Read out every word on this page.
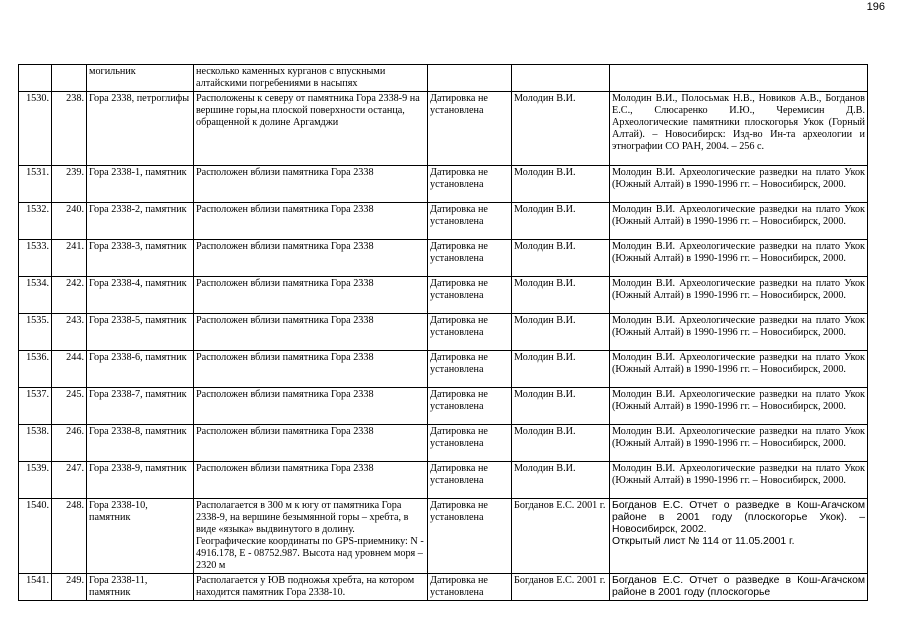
196
		могильник	несколько каменных курганов с впускными алтайскими погребениями в насыпях			

1530.	238.	Гора 2338, петроглифы	Расположены к северу от памятника Гора 2338-9 на вершине горы,на плоской поверхности останца, обращенной к долине Аргамджи	Датировка не установлена	Молодин В.И.	Молодин В.И., Полосьмак Н.В., Новиков А.В., Богданов Е.С., Слюсаренко И.Ю., Черемисин Д.В. Археологические памятники плоскогорья Укок (Горный Алтай). – Новосибирск: Изд-во Ин-та археологии и этнографии СО РАН, 2004. – 256 с.

1531.	239.	Гора 2338-1, памятник	Расположен вблизи памятника Гора 2338	Датировка не установлена	Молодин В.И.	Молодин В.И. Археологические разведки на плато Укок (Южный Алтай) в 1990-1996 гг. – Новосибирск, 2000.

1532.	240.	Гора 2338-2, памятник	Расположен вблизи памятника Гора 2338	Датировка не установлена	Молодин В.И.	Молодин В.И. Археологические разведки на плато Укок (Южный Алтай) в 1990-1996 гг. – Новосибирск, 2000.

1533.	241.	Гора 2338-3, памятник	Расположен вблизи памятника Гора 2338	Датировка не установлена	Молодин В.И.	Молодин В.И. Археологические разведки на плато Укок (Южный Алтай) в 1990-1996 гг. – Новосибирск, 2000.

1534.	242.	Гора 2338-4, памятник	Расположен вблизи памятника Гора 2338	Датировка не установлена	Молодин В.И.	Молодин В.И. Археологические разведки на плато Укок (Южный Алтай) в 1990-1996 гг. – Новосибирск, 2000.

1535.	243.	Гора 2338-5, памятник	Расположен вблизи памятника Гора 2338	Датировка не установлена	Молодин В.И.	Молодин В.И. Археологические разведки на плато Укок (Южный Алтай) в 1990-1996 гг. – Новосибирск, 2000.

1536.	244.	Гора 2338-6, памятник	Расположен вблизи памятника Гора 2338	Датировка не установлена	Молодин В.И.	Молодин В.И. Археологические разведки на плато Укок (Южный Алтай) в 1990-1996 гг. – Новосибирск, 2000.

1537.	245.	Гора 2338-7, памятник	Расположен вблизи памятника Гора 2338	Датировка не установлена	Молодин В.И.	Молодин В.И. Археологические разведки на плато Укок (Южный Алтай) в 1990-1996 гг. – Новосибирск, 2000.

1538.	246.	Гора 2338-8, памятник	Расположен вблизи памятника Гора 2338	Датировка не установлена	Молодин В.И.	Молодин В.И. Археологические разведки на плато Укок (Южный Алтай) в 1990-1996 гг. – Новосибирск, 2000.

1539.	247.	Гора 2338-9, памятник	Расположен вблизи памятника Гора 2338	Датировка не установлена	Молодин В.И.	Молодин В.И. Археологические разведки на плато Укок (Южный Алтай) в 1990-1996 гг. – Новосибирск, 2000.

1540.	248.	Гора 2338-10, памятник	Располагается в 300 м к югу от памятника Гора 2338-9, на вершине безымянной горы – хребта, в виде «языка» выдвинутого в долину. Географические координаты по GPS-приемнику: N - 4916.178, E - 08752.987. Высота над уровнем моря – 2320 м	Датировка не установлена	Богданов Е.С. 2001 г.	Богданов Е.С. Отчет о разведке в Кош-Агачском районе в 2001 году (плоскогорье Укок). – Новосибирск, 2002.
Открытый лист № 114 от 11.05.2001 г.

1541.	249.	Гора 2338-11, памятник	Располагается у ЮВ подножья хребта, на котором находится памятник Гора 2338-10.	Датировка не установлена	Богданов Е.С. 2001 г.	Богданов Е.С. Отчет о разведке в Кош-Агачском районе в 2001 году (плоскогорье
